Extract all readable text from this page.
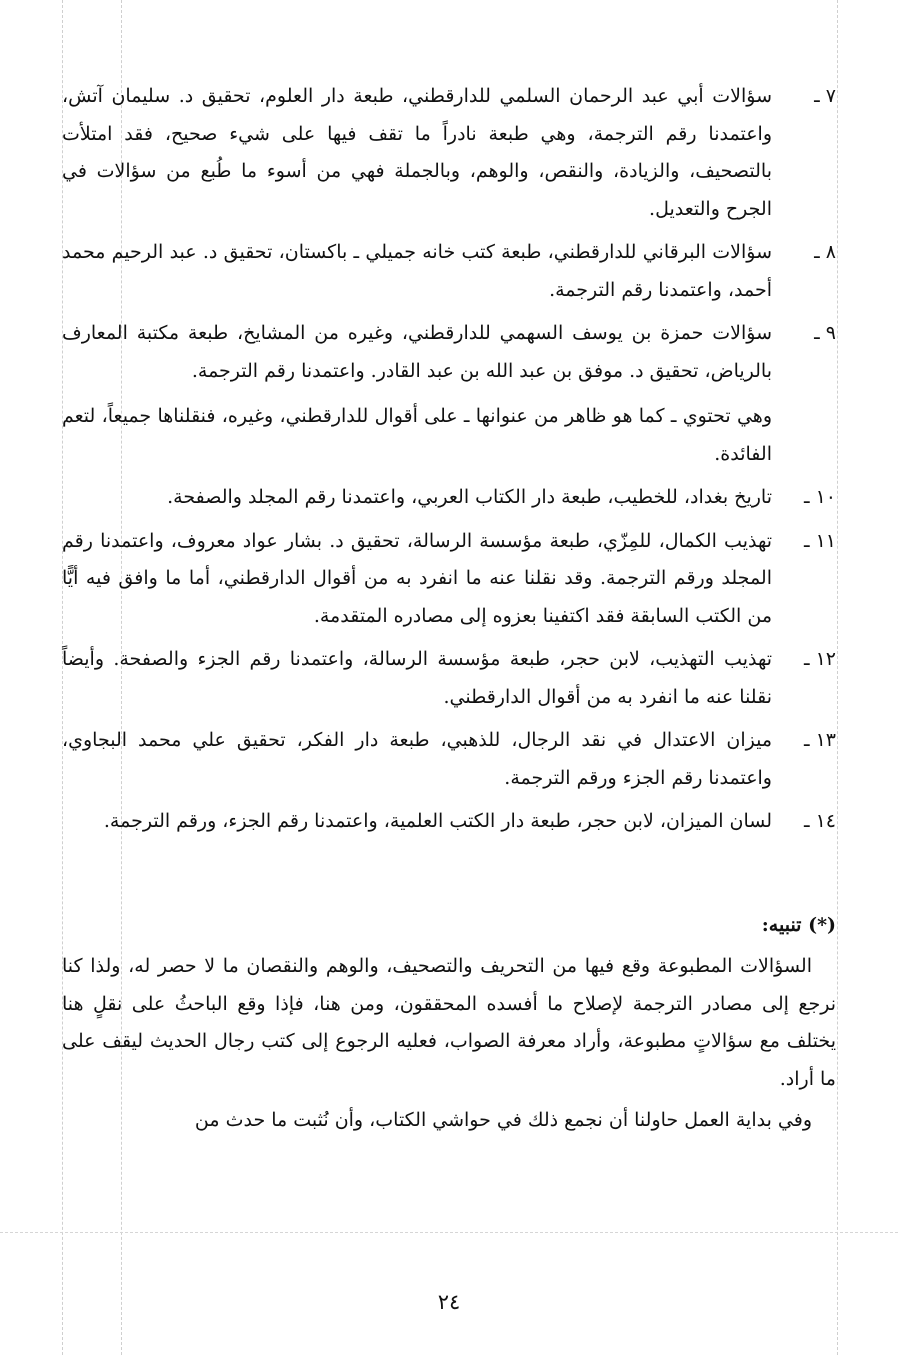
٧ ـ

سؤالات أبي عبد الرحمان السلمي للدارقطني، طبعة دار العلوم، تحقيق د. سليمان آتش، واعتمدنا رقم الترجمة، وهي طبعة نادراً ما تقف فيها على شيء صحيح، فقد امتلأت بالتصحيف، والزيادة، والنقص، والوهم، وبالجملة فهي من أسوء ما طُبع من سؤالات في الجرح والتعديل.

٨ ـ

سؤالات البرقاني للدارقطني، طبعة كتب خانه جميلي ـ باكستان، تحقيق د. عبد الرحيم محمد أحمد، واعتمدنا رقم الترجمة.

٩ ـ

سؤالات حمزة بن يوسف السهمي للدارقطني، وغيره من المشايخ، طبعة مكتبة المعارف بالرياض، تحقيق د. موفق بن عبد الله بن عبد القادر. واعتمدنا رقم الترجمة.

وهي تحتوي ـ كما هو ظاهر من عنوانها ـ على أقوال للدارقطني، وغيره، فنقلناها جميعاً، لتعم الفائدة.

١٠ ـ

تاريخ بغداد، للخطيب، طبعة دار الكتاب العربي، واعتمدنا رقم المجلد والصفحة.

١١ ـ

تهذيب الكمال، للمِزّي، طبعة مؤسسة الرسالة، تحقيق د. بشار عواد معروف، واعتمدنا رقم المجلد ورقم الترجمة. وقد نقلنا عنه ما انفرد به من أقوال الدارقطني، أما ما وافق فيه أيًّا من الكتب السابقة فقد اكتفينا بعزوه إلى مصادره المتقدمة.

١٢ ـ

تهذيب التهذيب، لابن حجر، طبعة مؤسسة الرسالة، واعتمدنا رقم الجزء والصفحة. وأيضاً نقلنا عنه ما انفرد به من أقوال الدارقطني.

١٣ ـ

ميزان الاعتدال في نقد الرجال، للذهبي، طبعة دار الفكر، تحقيق علي محمد البجاوي، واعتمدنا رقم الجزء ورقم الترجمة.

١٤ ـ

لسان الميزان، لابن حجر، طبعة دار الكتب العلمية، واعتمدنا رقم الجزء، ورقم الترجمة.

(*) تنبيه:

السؤالات المطبوعة وقع فيها من التحريف والتصحيف، والوهم والنقصان ما لا حصر له، ولذا كنا نرجع إلى مصادر الترجمة لإصلاح ما أفسده المحققون، ومن هنا، فإذا وقع الباحثُ على نقلٍ هنا يختلف مع سؤالاتٍ مطبوعة، وأراد معرفة الصواب، فعليه الرجوع إلى كتب رجال الحديث ليقف على ما أراد.

وفي بداية العمل حاولنا أن نجمع ذلك في حواشي الكتاب، وأن نُثبت ما حدث من

٢٤
